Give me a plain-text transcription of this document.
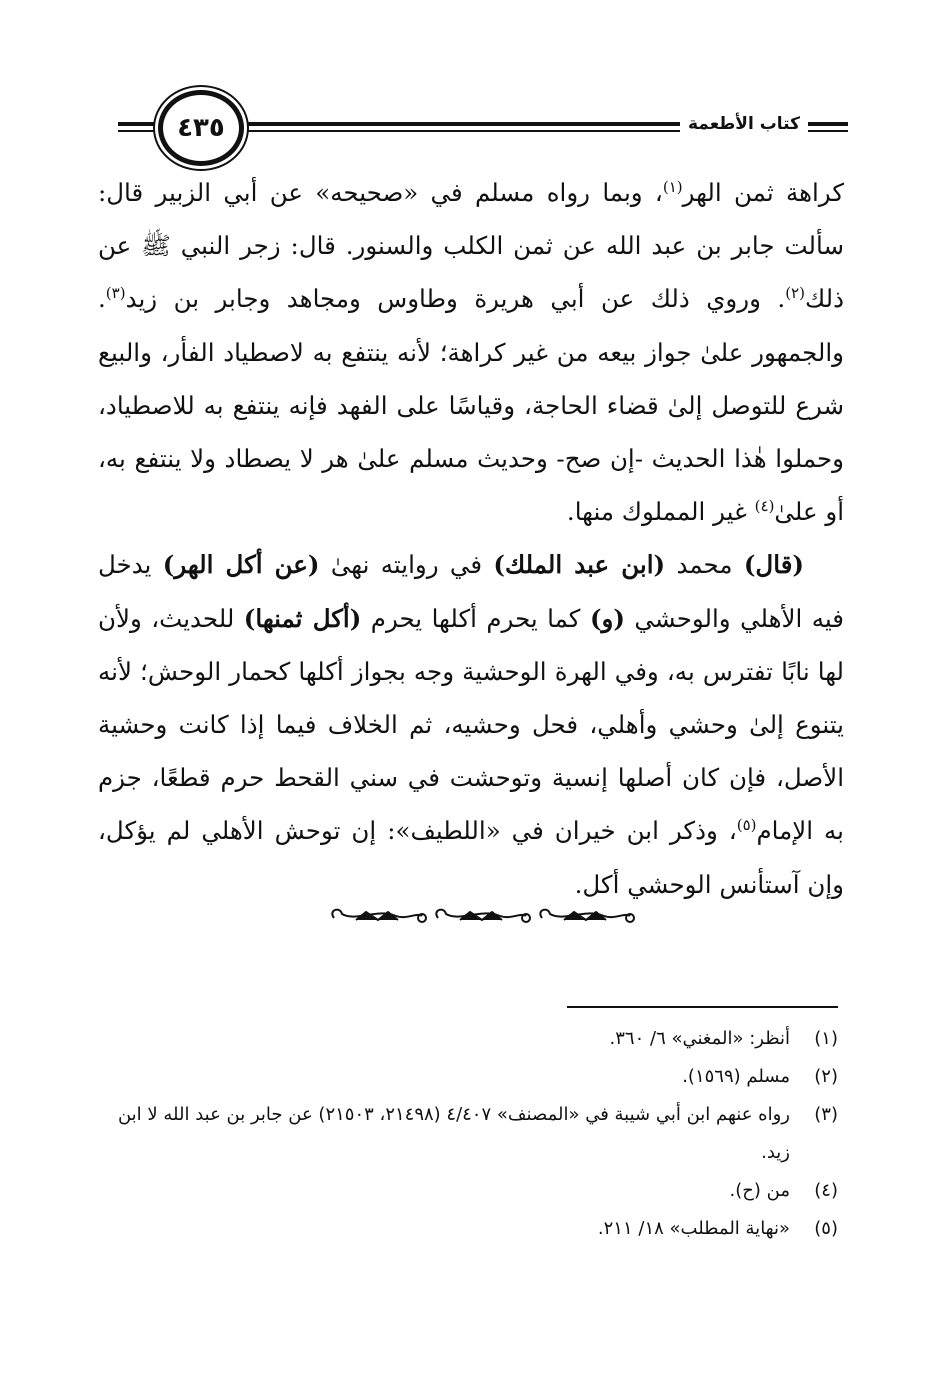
كتاب الأطعمة
٤٣٥

كراهة ثمن الهر$^{(١)}$، وبما رواه مسلم في «صحيحه» عن أبي الزبير قال: سألت جابر بن عبد الله عن ثمن الكلب والسنور. قال: زجر النبي ﷺ عن ذلك$^{(٢)}$. وروي ذلك عن أبي هريرة وطاوس ومجاهد وجابر بن زيد$^{(٣)}$. والجمهور علىٰ جواز بيعه من غير كراهة؛ لأنه ينتفع به لاصطياد الفأر، والبيع شرع للتوصل إلىٰ قضاء الحاجة، وقياسًا على الفهد فإنه ينتفع به للاصطياد، وحملوا هٰذا الحديث -إن صح- وحديث مسلم علىٰ هر لا يصطاد ولا ينتفع به، أو علىٰ$^{(٤)}$ غير المملوك منها.

(قال) محمد (ابن عبد الملك) في روايته نهىٰ (عن أكل الهر) يدخل فيه الأهلي والوحشي (و) كما يحرم أكلها يحرم (أكل ثمنها) للحديث، ولأن لها نابًا تفترس به، وفي الهرة الوحشية وجه بجواز أكلها كحمار الوحش؛ لأنه يتنوع إلىٰ وحشي وأهلي، فحل وحشيه، ثم الخلاف فيما إذا كانت وحشية الأصل، فإن كان أصلها إنسية وتوحشت في سني القحط حرم قطعًا، جزم به الإمام$^{(٥)}$، وذكر ابن خيران في «اللطيف»: إن توحش الأهلي لم يؤكل، وإن آستأنس الوحشي أكل.

(١)
أنظر: «المغني» ٦/ ٣٦٠.
(٢)
مسلم (١٥٦٩).
(٣)
رواه عنهم ابن أبي شيبة في «المصنف» ٤/٤٠٧ (٢١٤٩٨، ٢١٥٠٣) عن جابر بن عبد الله لا ابن زيد.
(٤)
من (ح).
(٥)
«نهاية المطلب» ١٨/ ٢١١.
